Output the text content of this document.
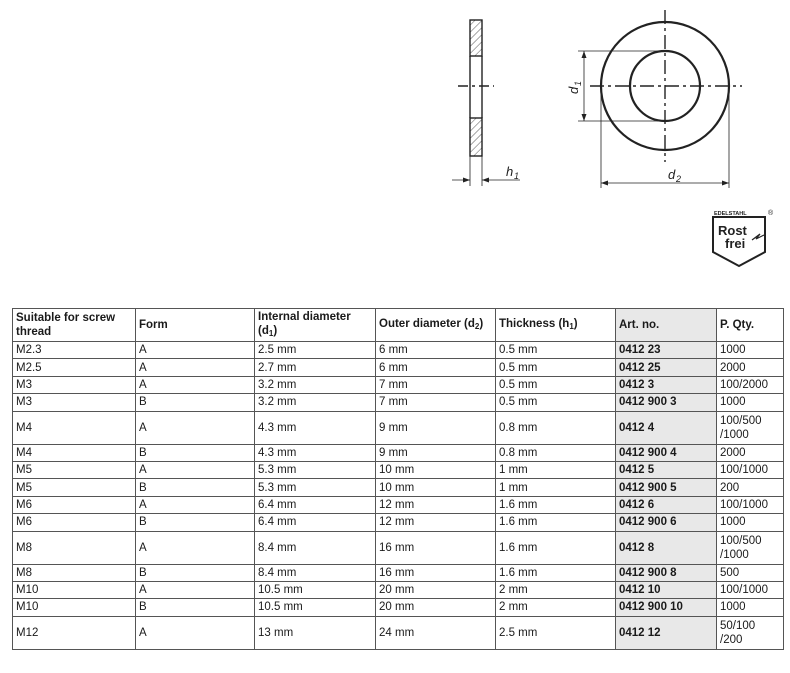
h 1
d
1
d 2
EDELSTAHL	®
Rost
frei
Suitable for screw thread	Form	Internal diameter $(d_1)$	Outer diameter $(d_2)$	Thickness $(h_1)$	Art. no.	P. Qty.
M2.3	A	2.5 mm	6 mm	0.5 mm	0412 23	1000
M2.5	A	2.7 mm	6 mm	0.5 mm	0412 25	2000
M3	A	3.2 mm	7 mm	0.5 mm	0412 3	100/2000
M3	B	3.2 mm	7 mm	0.5 mm	0412 900 3	1000
M4	A	4.3 mm	9 mm	0.8 mm	0412 4	100/500 /1000
M4	B	4.3 mm	9 mm	0.8 mm	0412 900 4	2000
M5	A	5.3 mm	10 mm	1 mm	0412 5	100/1000
M5	B	5.3 mm	10 mm	1 mm	0412 900 5	200
M6	A	6.4 mm	12 mm	1.6 mm	0412 6	100/1000
M6	B	6.4 mm	12 mm	1.6 mm	0412 900 6	1000
M8	A	8.4 mm	16 mm	1.6 mm	0412 8	100/500 /1000
M8	B	8.4 mm	16 mm	1.6 mm	0412 900 8	500
M10	A	10.5 mm	20 mm	2 mm	0412 10	100/1000
M10	B	10.5 mm	20 mm	2 mm	0412 900 10	1000
M12	A	13 mm	24 mm	2.5 mm	0412 12	50/100 /200
